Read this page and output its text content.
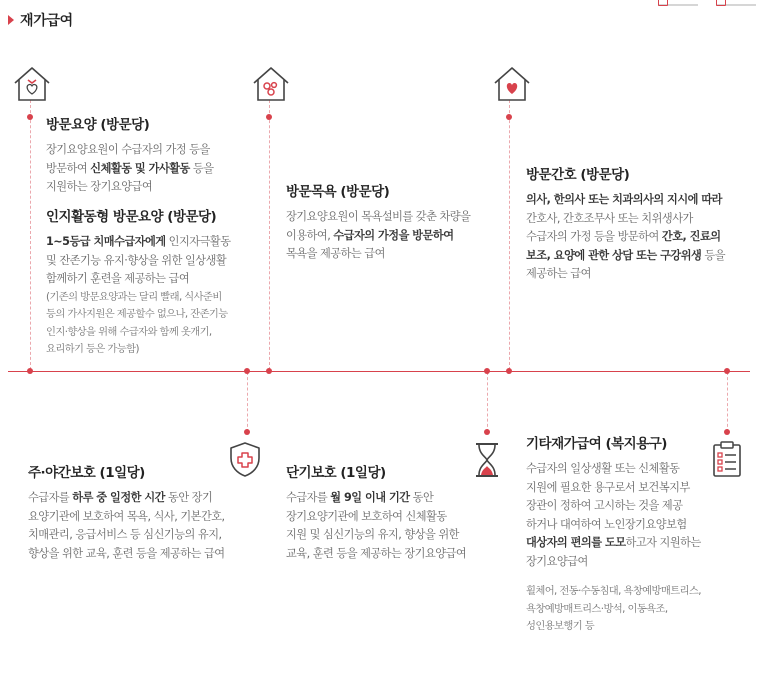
재가급여
방문요양 (방문당)

장기요양요원이 수급자의 가정 등을
방문하여 신체활동 및 가사활동 등을
지원하는 장기요양급여

인지활동형 방문요양 (방문당)

1~5등급 치매수급자에게 인지자극활동
및 잔존기능 유지·향상을 위한 일상생활
함께하기 훈련을 제공하는 급여

(기존의 방문요양과는 달리 빨래, 식사준비
등의 가사지원은 제공할수 없으나, 잔존기능
인지·향상을 위해 수급자와 함께 옷개기,
요리하기 등은 가능함)

방문목욕 (방문당)

장기요양요원이 목욕설비를 갖춘 차량을
이용하여, 수급자의 가정을 방문하여
목욕을 제공하는 급여

방문간호 (방문당)

의사, 한의사 또는 치과의사의 지시에 따라
간호사, 간호조무사 또는 치위생사가
수급자의 가정 등을 방문하여 간호, 진료의
보조, 요양에 관한 상담 또는 구강위생 등을
제공하는 급여

주·야간보호 (1일당)

수급자를 하루 중 일정한 시간 동안 장기
요양기관에 보호하여 목욕, 식사, 기본간호,
치매관리, 응급서비스 등 심신기능의 유지,
향상을 위한 교육, 훈련 등을 제공하는 급여

단기보호 (1일당)

수급자를 월 9일 이내 기간 동안
장기요양기관에 보호하여 신체활동
지원 및 심신기능의 유지, 향상을 위한
교육, 훈련 등을 제공하는 장기요양급여

기타재가급여 (복지용구)

수급자의 일상생활 또는 신체활동
지원에 필요한 용구로서 보건복지부
장관이 정하여 고시하는 것을 제공
하거나 대여하여 노인장기요양보험
대상자의 편의를 도모하고자 지원하는
장기요양급여

휠체어, 전동·수동침대, 욕창예방매트리스,
욕창예방매트리스·방석, 이동욕조,
성인용보행기 등
